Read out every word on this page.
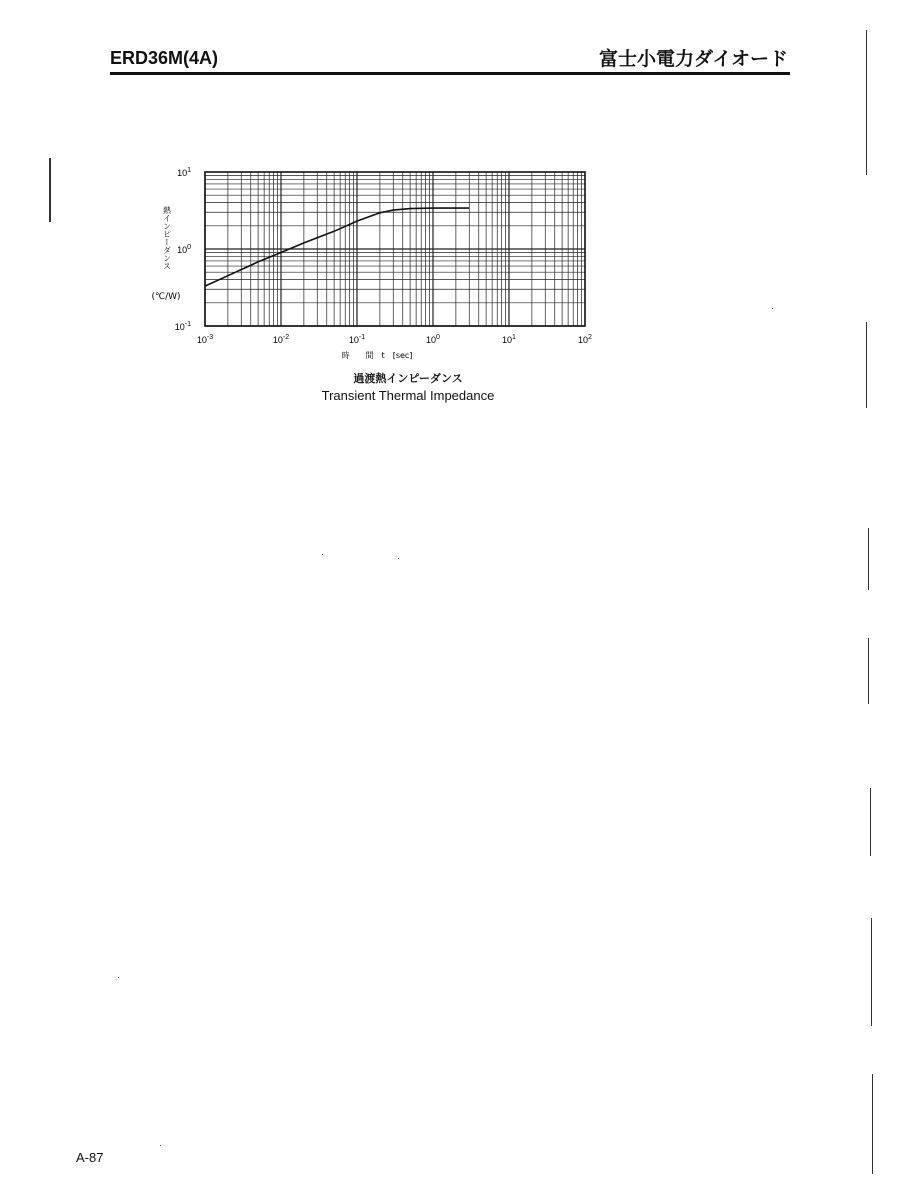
ERD36M(4A)	富士小電力ダイオード
$10^{-3}$	$10^{-2}$	$10^{-1}$	$10^0$	$10^1$	$10^2$
$10^{-1}$
$10^0$
$10^1$
時　　間　t　[sec]
熱インピーダンス
(℃/W)
過渡熱インピーダンス
Transient Thermal Impedance
A-87
